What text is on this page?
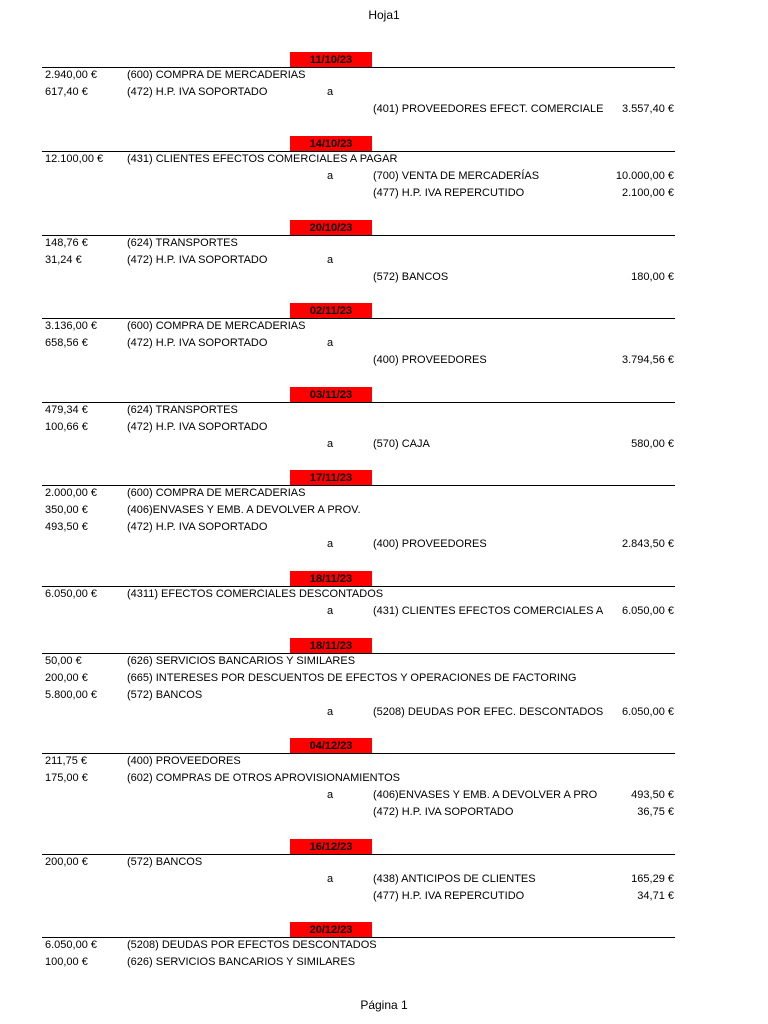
Hoja1
11/10/23
2.940,00 €	(600) COMPRA DE MERCADERIAS
617,40 €	(472) H.P. IVA SOPORTADO	a
(401) PROVEEDORES EFECT. COMERCIALE 3.557,40 €
14/10/23
12.100,00 € (431) CLIENTES EFECTOS COMERCIALES A PAGAR
a	(700) VENTA DE MERCADERÍAS	10.000,00 €
(477) H.P. IVA REPERCUTIDO	2.100,00 €
20/10/23
148,76 €	(624) TRANSPORTES
31,24 €	(472) H.P. IVA SOPORTADO	a
(572) BANCOS	180,00 €
02/11/23
3.136,00 €	(600) COMPRA DE MERCADERIAS
658,56 €	(472) H.P. IVA SOPORTADO	a
(400) PROVEEDORES	3.794,56 €
03/11/23
479,34 €	(624) TRANSPORTES
100,66 €	(472) H.P. IVA SOPORTADO
a	(570) CAJA	580,00 €
17/11/23
2.000,00 €	(600) COMPRA DE MERCADERIAS
350,00 €	(406)ENVASES Y EMB. A DEVOLVER A PROV.
493,50 €	(472) H.P. IVA SOPORTADO
a	(400) PROVEEDORES	2.843,50 €
18/11/23
6.050,00 €	(4311) EFECTOS COMERCIALES DESCONTADOS
a	(431) CLIENTES EFECTOS COMERCIALES A 6.050,00 €
18/11/23
50,00 €	(626) SERVICIOS BANCARIOS Y SIMILARES
200,00 €	(665) INTERESES POR DESCUENTOS DE EFECTOS Y OPERACIONES DE FACTORING
5.800,00 €	(572) BANCOS
a	(5208) DEUDAS POR EFEC. DESCONTADOS 6.050,00 €
04/12/23
211,75 €	(400) PROVEEDORES
175,00 €	(602) COMPRAS DE OTROS APROVISIONAMIENTOS
a	(406)ENVASES Y EMB. A DEVOLVER A PRO	493,50 €
(472) H.P. IVA SOPORTADO	36,75 €
16/12/23
200,00 €	(572) BANCOS
a	(438) ANTICIPOS DE CLIENTES	165,29 €
(477) H.P. IVA REPERCUTIDO	34,71 €
20/12/23
6.050,00 €	(5208) DEUDAS POR EFECTOS DESCONTADOS
100,00 €	(626) SERVICIOS BANCARIOS Y SIMILARES
Página 1
